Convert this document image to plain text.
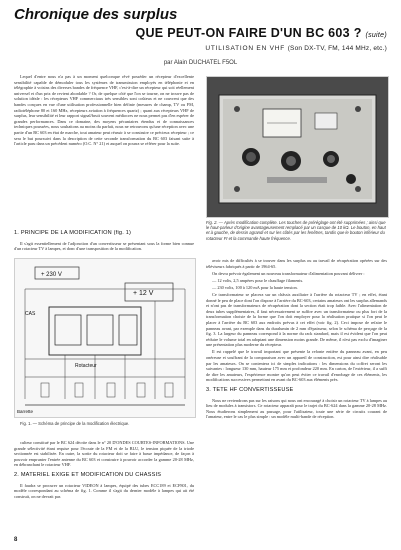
Chronique des surplus
QUE PEUT-ON FAIRE D'UN BC 603 ? (suite)
UTILISATION EN VHF (Son DX-TV, FM, 144 MHz, etc.)
par Alain DUCHATEL F5OL

Lequel d'entre nous n'a pas à un moment quelconque rêvé posséder un récepteur d'excellente sensibilité capable de démoduler tous les systèmes de transmission employés en téléphonie et en télégraphie à voisins des diverses bandes de fréquence VHF, c'est-à-dire un récepteur qui soit réellement universel et d'un prix de revient abordable ? Or, de quelque côté que l'on se tourne, on ne trouve pas de solution idéale : les récepteurs VHF commerciaux très sensibles sont coûteux et ne couvrent que des bandes conçues en vue d'une utilisation professionnelle bien définie (mesures de champ, TV ou FM, radiotéléphone 80 et 160 MHz, récepteurs aviation à fréquences quartz) ; quant aux récepteurs VHF de surplus, leur sensibilité et leur rapport signal/bruit souvent médiocres ne nous permet pas d'en espérer de grandes performances. Dans ce domaine, des moyens pécuniaires étendus et de connaissances techniques poussées, nous souhaitons au moins du parfait, nous ne retrouvons qu'une réception avec une partie d'un BC 603 en état de marche, tout amateur peut réussir à se construire ce précieux récepteur ; ce sera le but poursuivi dans la description de cette seconde transformation du BC 603 faisant suite à l'article paru dans un précédent numéro (O.C. N° 21) et auquel on pourra se référer pour la suite.

1. PRINCIPE DE LA MODIFICATION (fig. 1)

Il s'agit essentiellement de l'adjonction d'un convertisseur se présentant sous la forme bien connue d'un rotacteur TV à lampes, et donc d'une transposition de la modification.

Fig. 2. — Après modification complète. Les touches de préréglage ont été supprimées ; ainsi que le haut-parleur d'origine avantageusement remplacé par un casque de 10 kΩ. Le bouton, en haut et à gauche, de dessin agrandi et sur les côtés par les fenêtres, tandis que le bouton inférieur du rotacteur FI et la commande haute fréquence.
+ 230 V
+ 12 V
CAS
Rotacteur
Barrette
Fig. 1. — Schéma de principe de la modification électrique.

culteur constitué par le BC 624 décrite dans le n° 20 D'ONDES COURTES-INFORMATIONS. Une grande sélectivité étant requise pour l'écoute de la FM et de la BLU, le tension piquée de la triode sectionnée est stabilisée. En outre, la sortie du rotacteur doit se faire à basse impédance, de façon à pouvoir emprunter l'entrée antenne du BC 603 et construire à pouvoir accorder la gamme 20-28 MHz, en débranchant le rotacteur VHF.

2. MATERIEL EXIGE ET MODIFICATION DU CHASSIS

Il faudra se procurer un rotacteur VIDEON à lampes, équipé des tubes ECC189 et ECF801, du modèle correspondant au schéma de fig. 1. Comme il s'agit du dernier modèle à lampes qui ait été construit, on ne devrait pas

avoir mis de difficultés à se trouver dans les surplus ou au travail de récupération opérées sur des téléviseurs fabriqués à partir de 1964-65.

On devra prévoir également un nouveau transformateur d'alimentation pouvant délivrer :

— 12 volts, 2,5 ampères pour le chauffage filaments.

— 230 volts, 100 à 120 mA pour la haute tension.

Ce transformateur se placera sur un châssis auxiliaire à l'arrière du rotacteur TV ; en effet, étant donné le peu de place dont l'on dispose à l'arrière du BC-603, certains amateurs ont les surplus allemands et n'ont pas de transformateurs de récupération dont la section était trop faible. Avec l'alimentation de deux tubes supplémentaires, il faut nécessairement se suffire avec un transformateur ou plus fort de la transformation choisie de la forme que l'on doit employer pour la réalisation pratique si l'on peut le placer à l'arrière du BC 603 aux endroits prévus à cet effet (voir fig. 2). Ceci impose de refaire le panneau avant, par exemple dans du duralumin de 2 mm d'épaisseur, selon le schéma de perçage de la fig. 3. La largeur du panneau correspond à la norme du rack standard, mais il est évident que l'on peut réduire le volume total en adoptant une dimension moins grande. De même, il n'est pas exclu d'imaginer une présentation plus moderne du récepteur.

Il est rappelé que le travail important que présente la refonte entière du panneau avant, en peu onéreuse et souffrant de la comparaison avec un appareil de construction, est pour ainsi dire réalisable par les amateurs. On se contentera ici de simples indications : les dimensions du coffret seront les suivantes : longueur 130 mm, hauteur 175 mm et profondeur 220 mm. En carton, de l'extérieur, il a suffi de dire les amateurs, l'expérience montre qu'on peut éviter ce travail d'enrobage de ces éléments, les modifications successives permettant en avant du BC-603 aux éléments près.

3. TETE HF CONVERTISSEUSE

Nous ne reviendrons pas sur les raisons qui nous ont encouragé à choisir un rotacteur TV à lampes au lieu de modules à transistors. Ce rotacteur apparaît pour le trajet du BC-624 dans la gamme 20-28 MHz. Nous étudierons simplement au passage, pour l'utilisateur, toute une série de circuits courant de l'amateur, entre le cas le plus simple : un modèle multi-bande de réception.

8
